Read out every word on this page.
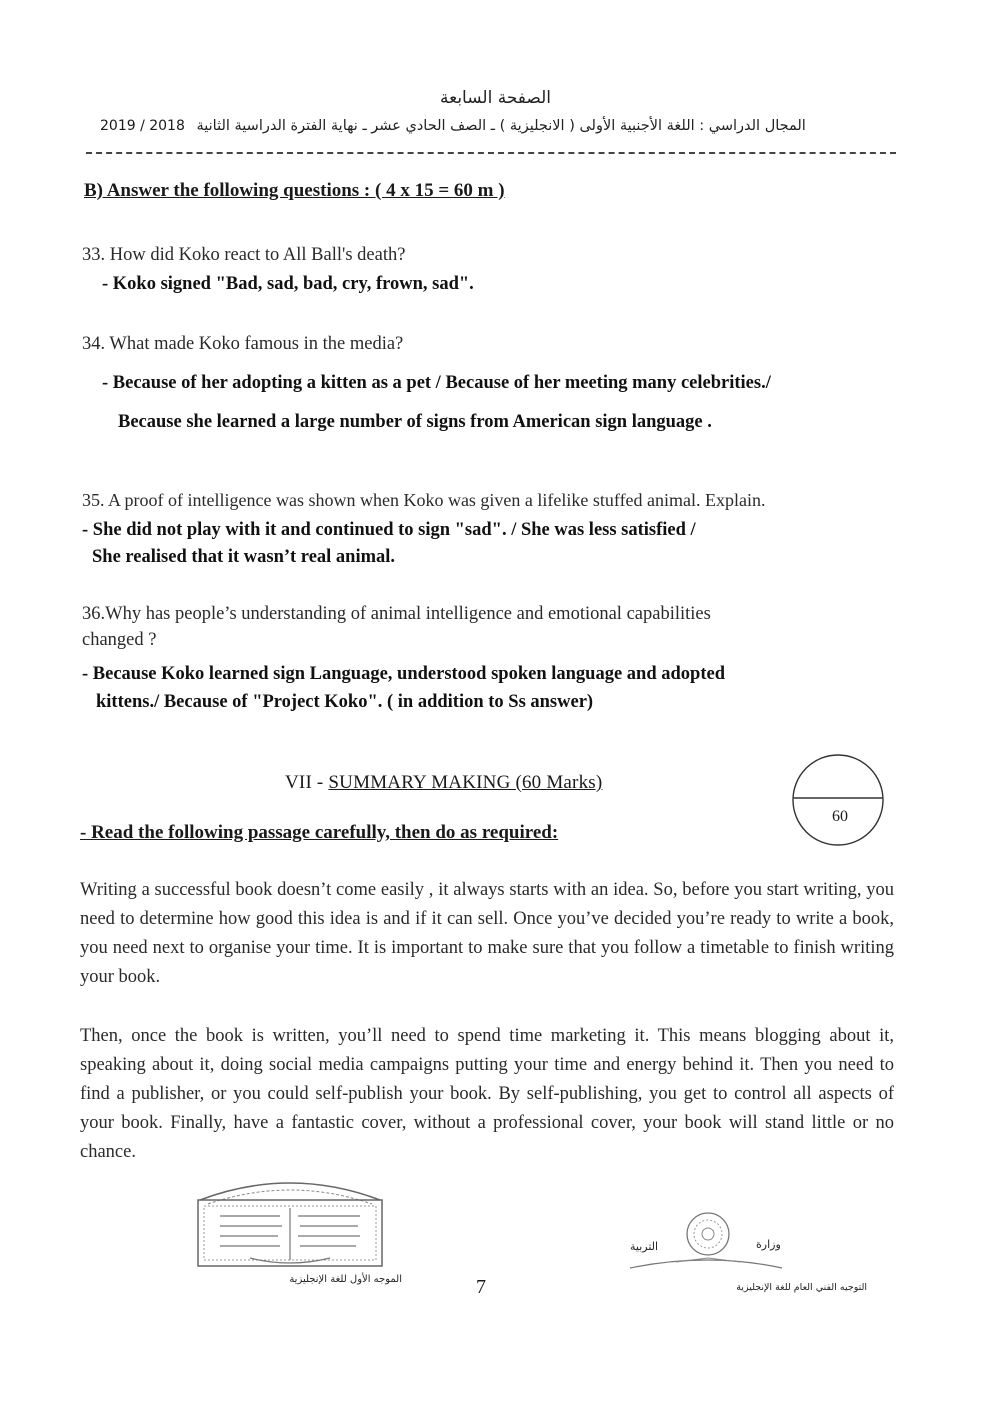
الصفحة السابعة
2019 / 2018 المجال الدراسي : اللغة الأجنبية الأولى ( الانجليزية ) ـ الصف الحادي عشر ـ نهاية الفترة الدراسية الثانية
B) Answer the following questions : ( 4 x 15 = 60 m )
33. How did Koko react to All Ball's death?
- Koko signed "Bad, sad, bad, cry, frown, sad".
34. What made Koko famous in the media?
- Because of her adopting a kitten as a pet / Because of her meeting many celebrities./
Because she learned a large number of signs from American sign language .
35. A proof of intelligence was shown when Koko was given a lifelike stuffed animal. Explain.
- She did not play with it and continued to sign "sad". / She was less satisfied /
She realised that it wasn’t real animal.
36.Why has people’s understanding of animal intelligence and emotional capabilities
changed ?
- Because Koko learned sign Language, understood spoken language and adopted
kittens./ Because of "Project Koko". ( in addition to Ss answer)
VII - SUMMARY MAKING (60 Marks)
60
- Read the following passage carefully, then do as required:
Writing a successful book doesn’t come easily , it always starts with an idea. So, before you start writing, you need to determine how good this idea is and if it can sell. Once you’ve decided you’re ready to write a book, you need next to organise your time. It is important to make sure that you follow a timetable to finish writing your book.
Then, once the book is written, you’ll need to spend time marketing it. This means blogging about it, speaking about it, doing social media campaigns putting your time and energy behind it. Then you need to find a publisher, or you could self-publish your book. By self-publishing, you get to control all aspects of your book. Finally, have a fantastic cover, without a professional cover, your book will stand little or no chance.
الموجه الأول للغة الإنجليزية	7
التربية	وزارة
التوجيه الفني العام للغة الإنجليزية
